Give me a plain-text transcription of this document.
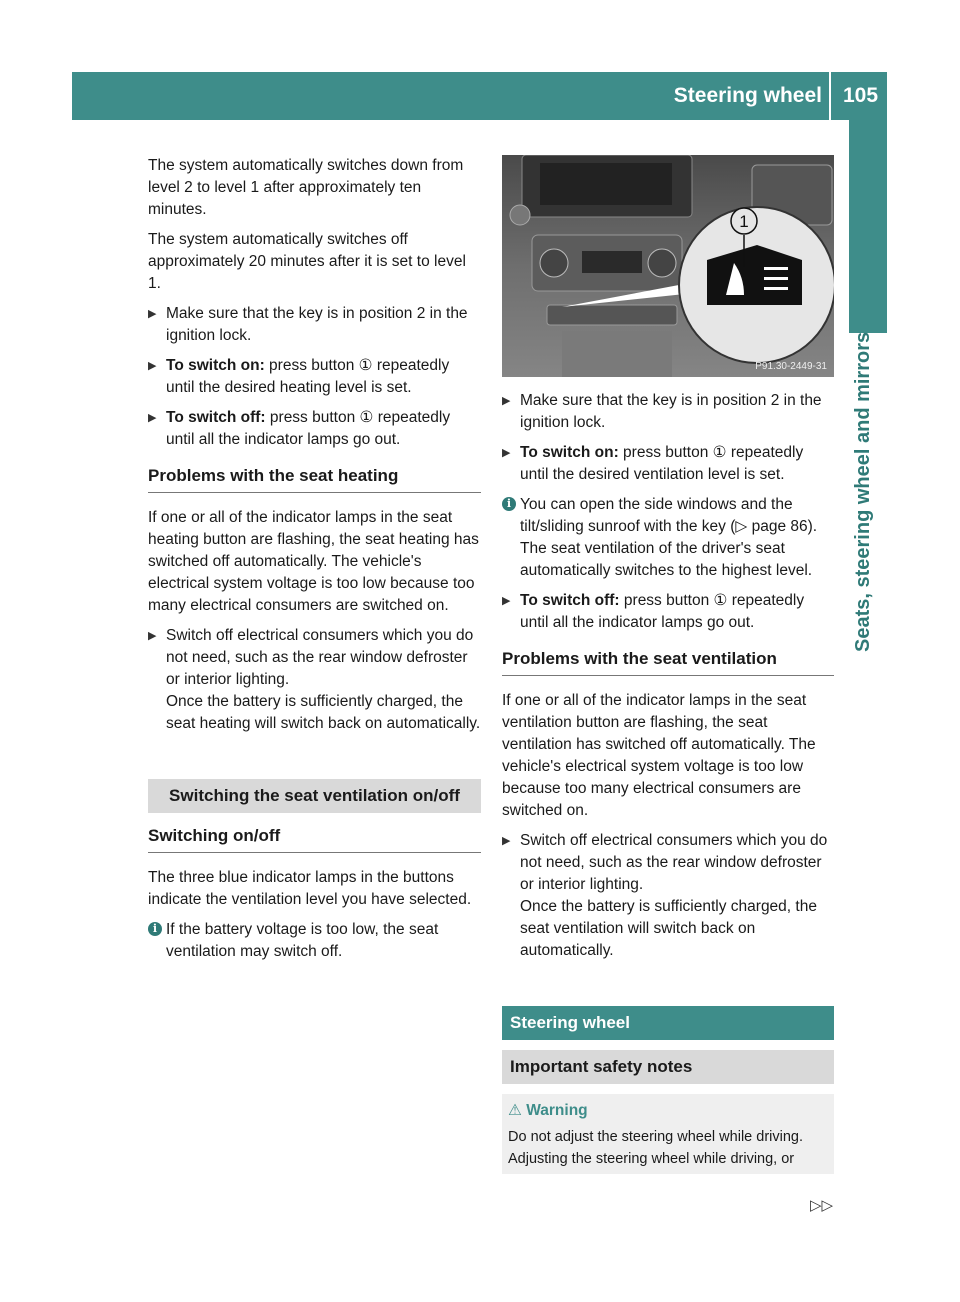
Steering wheel 105
Seats, steering wheel and mirrors

The system automatically switches down from level 2 to level 1 after approximately ten minutes.

The system automatically switches off approximately 20 minutes after it is set to level 1.

▶ Make sure that the key is in position 2 in the ignition lock.
▶ To switch on: press button ① repeatedly until the desired heating level is set.
▶ To switch off: press button ① repeatedly until all the indicator lamps go out.
Problems with the seat heating

If one or all of the indicator lamps in the seat heating button are flashing, the seat heating has switched off automatically. The vehicle's electrical system voltage is too low because too many electrical consumers are switched on.

▶ Switch off electrical consumers which you do not need, such as the rear window defroster or interior lighting.
Once the battery is sufficiently charged, the seat heating will switch back on automatically.
Switching the seat ventilation on/off
Switching on/off

The three blue indicator lamps in the buttons indicate the ventilation level you have selected.

i If the battery voltage is too low, the seat ventilation may switch off.
1
P91.30-2449-31
▶ Make sure that the key is in position 2 in the ignition lock.
▶ To switch on: press button ① repeatedly until the desired ventilation level is set.
i You can open the side windows and the tilt/sliding sunroof with the key (▷ page 86). The seat ventilation of the driver's seat automatically switches to the highest level.
▶ To switch off: press button ① repeatedly until all the indicator lamps go out.
Problems with the seat ventilation

If one or all of the indicator lamps in the seat ventilation button are flashing, the seat ventilation has switched off automatically. The vehicle's electrical system voltage is too low because too many electrical consumers are switched on.

▶ Switch off electrical consumers which you do not need, such as the rear window defroster or interior lighting.
Once the battery is sufficiently charged, the seat ventilation will switch back on automatically.
Steering wheel
Important safety notes
⚠ Warning
Do not adjust the steering wheel while driving. Adjusting the steering wheel while driving, or
▷▷
